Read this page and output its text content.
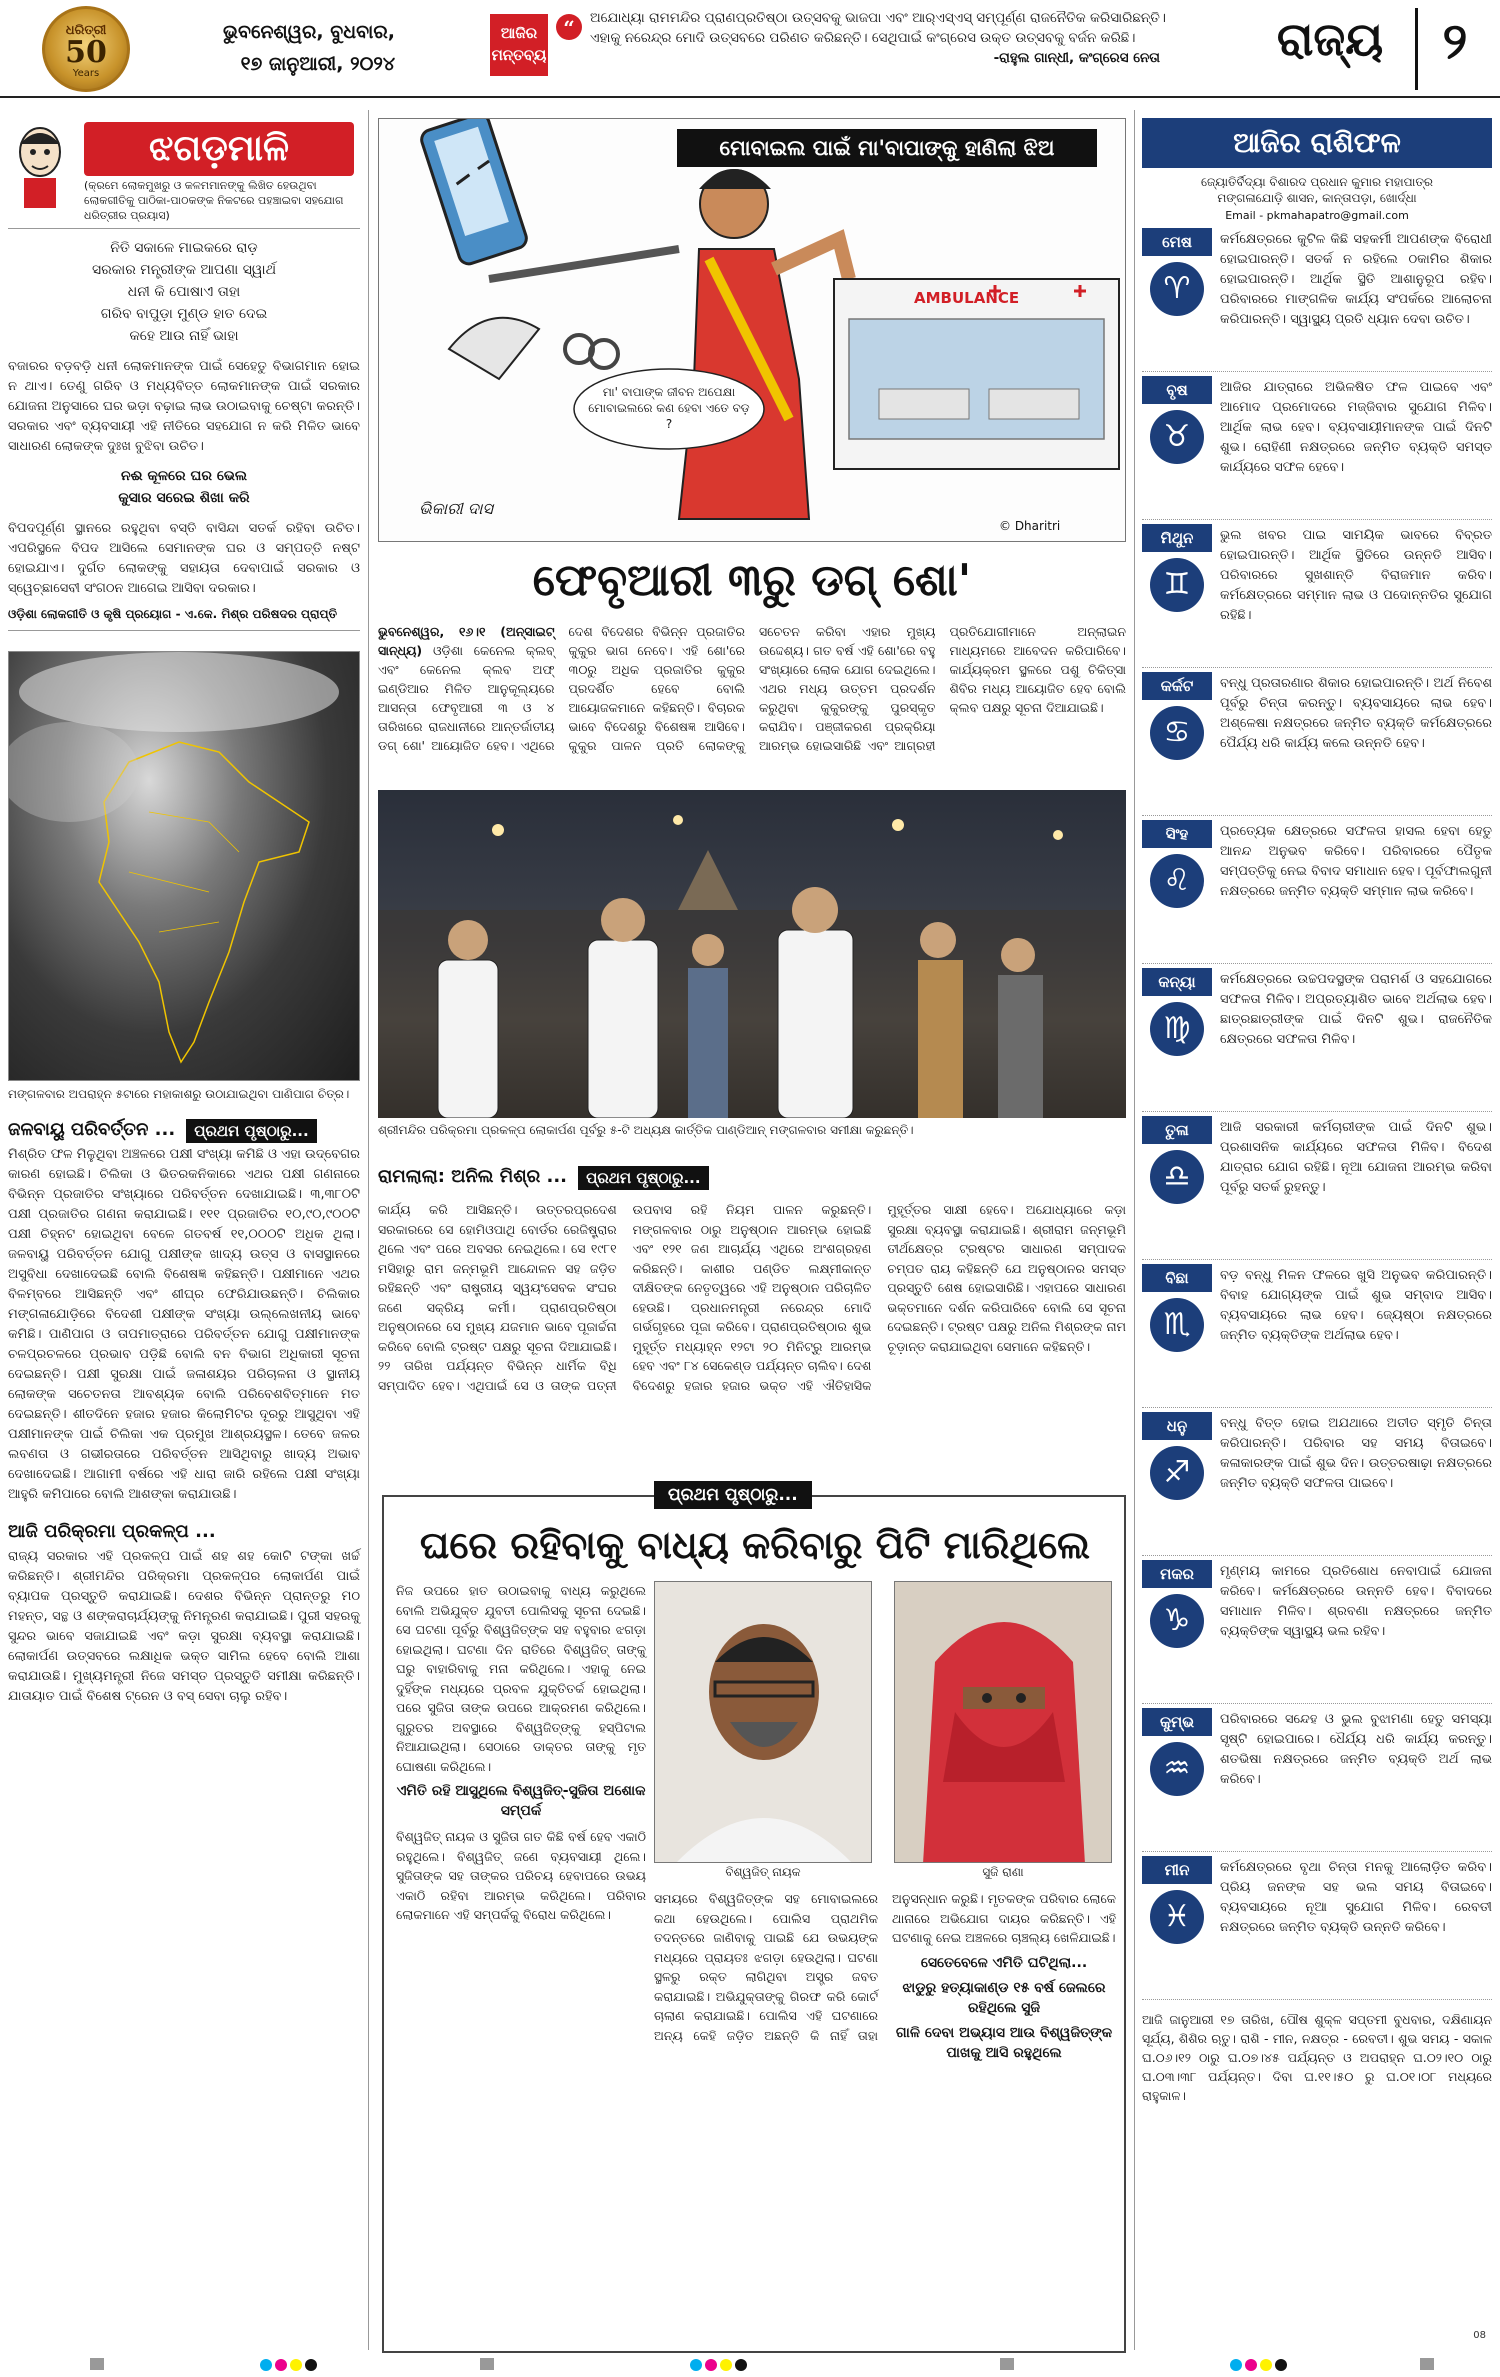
ଧରିତ୍ରୀ
50
Years
ଭୁବନେଶ୍ୱର, ବୁଧବାର,
୧୭ ଜାନୁଆରୀ, ୨୦୨୪
ଆଜିର ମନ୍ତବ୍ୟ
“	ଅଯୋଧ୍ୟା ରାମମନ୍ଦିର ପ୍ରାଣପ୍ରତିଷ୍ଠା ଉତ୍ସବକୁ ଭାଜପା ଏବଂ ଆର୍‌ଏସ୍‌ଏସ୍‌ ସମ୍ପୂର୍ଣ୍ଣ ରାଜନୈତିକ କରିସାରିଛନ୍ତି। ଏହାକୁ ନରେନ୍ଦ୍ର ମୋଦି ଉତ୍ସବରେ ପରିଣତ କରିଛନ୍ତି। ସେଥିପାଇଁ କଂଗ୍ରେସ ଉକ୍ତ ଉତ୍ସବକୁ ବର୍ଜନ କରିଛି।
-ରାହୁଲ ଗାନ୍ଧୀ, କଂଗ୍ରେସ ନେତା	ରାଜ୍ୟ	୨
ଝଗଡ଼ମାଳି
(କ୍ରମେ ଲୋକମୁଖରୁ ଓ କଳମମାନଙ୍କୁ ଲିଖିତ ହେଉଥିବା ଲୋକଗୀତିକୁ ପାଠିକା-ପାଠକଙ୍କ ନିକଟରେ ପହଞ୍ଚାଇବା ସହଯୋଗ ଧରିତ୍ରୀର ପ୍ରୟାସ)
ନିତି ସକାଳେ ମାଇକରେ ରାଡ଼
ସରକାର ମନ୍ତ୍ରୀଙ୍କ ଆପଣା ସ୍ୱାର୍ଥ
ଧନୀ କି ପୋଷାଏ ତାହା
ଗରିବ ବାପୁଡ଼ା ମୁଣ୍ଡ ହାତ ଦେଇ
କହେ ଆଉ ନାହିଁ ଭାହା

ବଜାରର ବଡ଼ବଡ଼ି ଧନୀ ଲୋକମାନଙ୍କ ପାଇଁ ସେହେତୁ ବିଭାଗମାନ ହୋଇ ନ ଥାଏ। ତେଣୁ ଗରିବ ଓ ମଧ୍ୟବିତ୍ତ ଲୋକମାନଙ୍କ ପାଇଁ ସରକାର ଯୋଜନା ଅନୁସାରେ ଘର ଭଡ଼ା ବଢ଼ାଇ ଲାଭ ଉଠାଇବାକୁ ଚେଷ୍ଟା କରନ୍ତି। ସରକାର ଏବଂ ବ୍ୟବସାୟୀ ଏହି ନୀତିରେ ସହଯୋଗ ନ କରି ମିଳିତ ଭାବେ ସାଧାରଣ ଲୋକଙ୍କ ଦୁଃଖ ବୁଝିବା ଉଚିତ।

ନଈ କୂଳରେ ଘର ଭେଲ
କୁସାର ସରେଇ ଶିଖା କରି

ବିପଦପୂର୍ଣ୍ଣ ସ୍ଥାନରେ ରହୁଥିବା ବସ୍ତି ବାସିନ୍ଦା ସତର୍କ ରହିବା ଉଚିତ। ଏପରିସ୍ଥଳେ ବିପଦ ଆସିଲେ ସେମାନଙ୍କ ଘର ଓ ସମ୍ପତ୍ତି ନଷ୍ଟ ହୋଇଯାଏ। ଦୁର୍ଗତ ଲୋକଙ୍କୁ ସହାୟତା ଦେବାପାଇଁ ସରକାର ଓ ସ୍ୱେଚ୍ଛାସେବୀ ସଂଗଠନ ଆଗେଇ ଆସିବା ଦରକାର।

ଓଡ଼ିଶା ଲୋକଗୀତି ଓ କୃଷି ପ୍ରୟୋଗ - ଏ.କେ. ମିଶ୍ର ପରିଷଦର ପ୍ରାପ୍ତି
ମଙ୍ଗଳବାର ଅପରାହ୍ନ ୫ଟାରେ ମହାକାଶରୁ ଉଠାଯାଇଥିବା ପାଣିପାଗ ଚିତ୍ର।
ଜଳବାୟୁ ପରିବର୍ତ୍ତନ ... ପ୍ରଥମ ପୃଷ୍ଠାରୁ...

ମିଶ୍ରିତ ଫଳ ମିଳୁଥିବା ଅଞ୍ଚଳରେ ପକ୍ଷୀ ସଂଖ୍ୟା କମିଛି ଓ ଏହା ଉଦ୍‌ବେଗର କାରଣ ହୋଇଛି। ଚିଲିକା ଓ ଭିତରକନିକାରେ ଏଥର ପକ୍ଷୀ ଗଣନାରେ ବିଭିନ୍ନ ପ୍ରଜାତିର ସଂଖ୍ୟାରେ ପରିବର୍ତ୍ତନ ଦେଖାଯାଇଛି। ୩,୩୮୦ଟି ପକ୍ଷୀ ପ୍ରଜାତିର ଗଣନା କରାଯାଇଛି। ୧୧୧ ପ୍ରଜାତିର ୧୦,୯୦,୯୦୦ଟି ପକ୍ଷୀ ଚିହ୍ନଟ ହୋଇଥିବା ବେଳେ ଗତବର୍ଷ ୧୧,୦୦୦ଟି ଅଧିକ ଥିଲା। ଜଳବାୟୁ ପରିବର୍ତ୍ତନ ଯୋଗୁ ପକ୍ଷୀଙ୍କ ଖାଦ୍ୟ ଉତ୍ସ ଓ ବାସସ୍ଥାନରେ ଅସୁବିଧା ଦେଖାଦେଇଛି ବୋଲି ବିଶେଷଜ୍ଞ କହିଛନ୍ତି। ପକ୍ଷୀମାନେ ଏଥର ବିଳମ୍ବରେ ଆସିଛନ୍ତି ଏବଂ ଶୀଘ୍ର ଫେରିଯାଉଛନ୍ତି। ଚିଲିକାର ମଙ୍ଗଳାଯୋଡ଼ିରେ ବିଦେଶୀ ପକ୍ଷୀଙ୍କ ସଂଖ୍ୟା ଉଲ୍ଲେଖନୀୟ ଭାବେ କମିଛି। ପାଣିପାଗ ଓ ତାପମାତ୍ରାରେ ପରିବର୍ତ୍ତନ ଯୋଗୁ ପକ୍ଷୀମାନଙ୍କ ଚଳପ୍ରଚଳରେ ପ୍ରଭାବ ପଡ଼ିଛି ବୋଲି ବନ ବିଭାଗ ଅଧିକାରୀ ସୂଚନା ଦେଇଛନ୍ତି। ପକ୍ଷୀ ସୁରକ୍ଷା ପାଇଁ ଜଳାଶୟର ପରିଚାଳନା ଓ ସ୍ଥାନୀୟ ଲୋକଙ୍କ ସଚେତନତା ଆବଶ୍ୟକ ବୋଲି ପରିବେଶବିତ୍‌ମାନେ ମତ ଦେଇଛନ୍ତି। ଶୀତଦିନେ ହଜାର ହଜାର କିଲୋମିଟର ଦୂରରୁ ଆସୁଥିବା ଏହି ପକ୍ଷୀମାନଙ୍କ ପାଇଁ ଚିଲିକା ଏକ ପ୍ରମୁଖ ଆଶ୍ରୟସ୍ଥଳ। ତେବେ ଜଳର ଲବଣତା ଓ ଗଭୀରତାରେ ପରିବର୍ତ୍ତନ ଆସିଥିବାରୁ ଖାଦ୍ୟ ଅଭାବ ଦେଖାଦେଇଛି। ଆଗାମୀ ବର୍ଷରେ ଏହି ଧାରା ଜାରି ରହିଲେ ପକ୍ଷୀ ସଂଖ୍ୟା ଆହୁରି କମିପାରେ ବୋଲି ଆଶଙ୍କା କରାଯାଉଛି।

ଆଜି ପରିକ୍ରମା ପ୍ରକଳ୍ପ ...

ରାଜ୍ୟ ସରକାର ଏହି ପ୍ରକଳ୍ପ ପାଇଁ ଶହ ଶହ କୋଟି ଟଙ୍କା ଖର୍ଚ୍ଚ କରିଛନ୍ତି। ଶ୍ରୀମନ୍ଦିର ପରିକ୍ରମା ପ୍ରକଳ୍ପର ଲୋକାର୍ପଣ ପାଇଁ ବ୍ୟାପକ ପ୍ରସ୍ତୁତି କରାଯାଇଛି। ଦେଶର ବିଭିନ୍ନ ପ୍ରାନ୍ତରୁ ମଠ ମହନ୍ତ, ସନ୍ଥ ଓ ଶଙ୍କରାଚାର୍ଯ୍ୟଙ୍କୁ ନିମନ୍ତ୍ରଣ କରାଯାଇଛି। ପୁରୀ ସହରକୁ ସୁନ୍ଦର ଭାବେ ସଜାଯାଇଛି ଏବଂ କଡ଼ା ସୁରକ୍ଷା ବ୍ୟବସ୍ଥା କରାଯାଇଛି। ଲୋକାର୍ପଣ ଉତ୍ସବରେ ଲକ୍ଷାଧିକ ଭକ୍ତ ସାମିଲ ହେବେ ବୋଲି ଆଶା କରାଯାଉଛି। ମୁଖ୍ୟମନ୍ତ୍ରୀ ନିଜେ ସମସ୍ତ ପ୍ରସ୍ତୁତି ସମୀକ୍ଷା କରିଛନ୍ତି। ଯାତାୟାତ ପାଇଁ ବିଶେଷ ଟ୍ରେନ ଓ ବସ୍‌ ସେବା ଚାଲୁ ରହିବ।

ମୋବାଇଲ ପାଇଁ ମା'ବାପାଙ୍କୁ ହାଣିଲା ଝିଅ
ମା' ବାପାଙ୍କ ଜୀବନ ଅପେକ୍ଷା ମୋବାଇଲରେ କଣ ହେବା ଏତେ ବଡ଼ ?
AMBULANCE
ଭିକାରୀ ଦାସ
© Dharitri
ଫେବୃଆରୀ ୩ରୁ ଡଗ୍‌ ଶୋ'
ଭୁବନେଶ୍ୱର, ୧୬।୧ (ଅନ୍‌ସାଇଟ୍‌ ସାନ୍ଧ୍ୟ) ଓଡ଼ିଶା କେନେଲ କ୍ଲବ୍‌ ଏବଂ କେନେଲ କ୍ଲବ ଅଫ୍‌ ଇଣ୍ଡିଆର ମିଳିତ ଆନୁକୂଲ୍ୟରେ ଆସନ୍ତା ଫେବୃଆରୀ ୩ ଓ ୪ ତାରିଖରେ ରାଜଧାନୀରେ ଆନ୍ତର୍ଜାତୀୟ ଡଗ୍‌ ଶୋ' ଆୟୋଜିତ ହେବ। ଏଥିରେ ଦେଶ ବିଦେଶର ବିଭିନ୍ନ ପ୍ରଜାତିର କୁକୁର ଭାଗ ନେବେ। ଏହି ଶୋ'ରେ ୩୦ରୁ ଅଧିକ ପ୍ରଜାତିର କୁକୁର ପ୍ରଦର୍ଶିତ ହେବେ ବୋଲି ଆୟୋଜକମାନେ କହିଛନ୍ତି। ବିଚାରକ ଭାବେ ବିଦେଶରୁ ବିଶେଷଜ୍ଞ ଆସିବେ। କୁକୁର ପାଳନ ପ୍ରତି ଲୋକଙ୍କୁ ସଚେତନ କରିବା ଏହାର ମୁଖ୍ୟ ଉଦ୍ଦେଶ୍ୟ। ଗତ ବର୍ଷ ଏହି ଶୋ'ରେ ବହୁ ସଂଖ୍ୟାରେ ଲୋକ ଯୋଗ ଦେଇଥିଲେ। ଏଥର ମଧ୍ୟ ଉତ୍ତମ ପ୍ରଦର୍ଶନ କରୁଥିବା କୁକୁରଙ୍କୁ ପୁରସ୍କୃତ କରାଯିବ। ପଞ୍ଜୀକରଣ ପ୍ରକ୍ରିୟା ଆରମ୍ଭ ହୋଇସାରିଛି ଏବଂ ଆଗ୍ରହୀ ପ୍ରତିଯୋଗୀମାନେ ଅନ୍‌ଲାଇନ ମାଧ୍ୟମରେ ଆବେଦନ କରିପାରିବେ। କାର୍ଯ୍ୟକ୍ରମ ସ୍ଥଳରେ ପଶୁ ଚିକିତ୍ସା ଶିବିର ମଧ୍ୟ ଆୟୋଜିତ ହେବ ବୋଲି କ୍ଲବ ପକ୍ଷରୁ ସୂଚନା ଦିଆଯାଇଛି।
ଶ୍ରୀମନ୍ଦିର ପରିକ୍ରମା ପ୍ରକଳ୍ପ ଲୋକାର୍ପଣ ପୂର୍ବରୁ ୫-ଟି ଅଧ୍ୟକ୍ଷ କାର୍ତ୍ତିକ ପାଣ୍ଡିଆନ୍‌ ମଙ୍ଗଳବାର ସମୀକ୍ଷା କରୁଛନ୍ତି।
ରାମଲାଲା: ଅନିଲ ମିଶ୍ର ... ପ୍ରଥମ ପୃଷ୍ଠାରୁ...
କାର୍ଯ୍ୟ କରି ଆସିଛନ୍ତି। ଉତ୍ତରପ୍ରଦେଶ ସରକାରରେ ସେ ହୋମିଓପାଥି ବୋର୍ଡର ରେଜିଷ୍ଟ୍ରାର ଥିଲେ ଏବଂ ପରେ ଅବସର ନେଇଥିଲେ। ସେ ୧୯୮୧ ମସିହାରୁ ରାମ ଜନ୍ମଭୂମି ଆନ୍ଦୋଳନ ସହ ଜଡ଼ିତ ରହିଛନ୍ତି ଏବଂ ରାଷ୍ଟ୍ରୀୟ ସ୍ୱୟଂସେବକ ସଂଘର ଜଣେ ସକ୍ରିୟ କର୍ମୀ। ପ୍ରାଣପ୍ରତିଷ୍ଠା ଅନୁଷ୍ଠାନରେ ସେ ମୁଖ୍ୟ ଯଜମାନ ଭାବେ ପୂଜାର୍ଚ୍ଚନା କରିବେ ବୋଲି ଟ୍ରଷ୍ଟ ପକ୍ଷରୁ ସୂଚନା ଦିଆଯାଇଛି। ୨୨ ତାରିଖ ପର୍ଯ୍ୟନ୍ତ ବିଭିନ୍ନ ଧାର୍ମିକ ବିଧି ସମ୍ପାଦିତ ହେବ। ଏଥିପାଇଁ ସେ ଓ ତାଙ୍କ ପତ୍ନୀ ଉପବାସ ରହି ନିୟମ ପାଳନ କରୁଛନ୍ତି। ମଙ୍ଗଳବାର ଠାରୁ ଅନୁଷ୍ଠାନ ଆରମ୍ଭ ହୋଇଛି ଏବଂ ୧୨୧ ଜଣ ଆଚାର୍ଯ୍ୟ ଏଥିରେ ଅଂଶଗ୍ରହଣ କରିଛନ୍ତି। କାଶୀର ପଣ୍ଡିତ ଲକ୍ଷ୍ମୀକାନ୍ତ ଦୀକ୍ଷିତଙ୍କ ନେତୃତ୍ୱରେ ଏହି ଅନୁଷ୍ଠାନ ପରିଚାଳିତ ହେଉଛି। ପ୍ରଧାନମନ୍ତ୍ରୀ ନରେନ୍ଦ୍ର ମୋଦି ଗର୍ଭଗୃହରେ ପୂଜା କରିବେ। ପ୍ରାଣପ୍ରତିଷ୍ଠାର ଶୁଭ ମୁହୂର୍ତ୍ତ ମଧ୍ୟାହ୍ନ ୧୨ଟା ୨୦ ମିନିଟ୍‌ରୁ ଆରମ୍ଭ ହେବ ଏବଂ ୮୪ ସେକେଣ୍ଡ ପର୍ଯ୍ୟନ୍ତ ଚାଲିବ। ଦେଶ ବିଦେଶରୁ ହଜାର ହଜାର ଭକ୍ତ ଏହି ଐତିହାସିକ ମୁହୂର୍ତ୍ତର ସାକ୍ଷୀ ହେବେ। ଅଯୋଧ୍ୟାରେ କଡ଼ା ସୁରକ୍ଷା ବ୍ୟବସ୍ଥା କରାଯାଇଛି। ଶ୍ରୀରାମ ଜନ୍ମଭୂମି ତୀର୍ଥକ୍ଷେତ୍ର ଟ୍ରଷ୍ଟର ସାଧାରଣ ସମ୍ପାଦକ ଚମ୍ପତ ରାୟ କହିଛନ୍ତି ଯେ ଅନୁଷ୍ଠାନର ସମସ୍ତ ପ୍ରସ୍ତୁତି ଶେଷ ହୋଇସାରିଛି। ଏହାପରେ ସାଧାରଣ ଭକ୍ତମାନେ ଦର୍ଶନ କରିପାରିବେ ବୋଲି ସେ ସୂଚନା ଦେଇଛନ୍ତି। ଟ୍ରଷ୍ଟ ପକ୍ଷରୁ ଅନିଲ ମିଶ୍ରଙ୍କ ନାମ ଚୂଡ଼ାନ୍ତ କରାଯାଇଥିବା ସେମାନେ କହିଛନ୍ତି।
ପ୍ରଥମ ପୃଷ୍ଠାରୁ...
ଘରେ ରହିବାକୁ ବାଧ୍ୟ କରିବାରୁ ପିଟି ମାରିଥିଲେ

ନିଜ ଉପରେ ହାତ ଉଠାଇବାକୁ ବାଧ୍ୟ କରୁଥିଲେ ବୋଲି ଅଭିଯୁକ୍ତ ଯୁବତୀ ପୋଲିସକୁ ସୂଚନା ଦେଇଛି। ସେ ଘଟଣା ପୂର୍ବରୁ ବିଶ୍ୱଜିତ୍‌ଙ୍କ ସହ ବହୁବାର ଝଗଡ଼ା ହୋଇଥିଲା। ଘଟଣା ଦିନ ରାତିରେ ବିଶ୍ୱଜିତ୍‌ ତାଙ୍କୁ ଘରୁ ବାହାରିବାକୁ ମନା କରିଥିଲେ। ଏହାକୁ ନେଇ ଦୁହିଁଙ୍କ ମଧ୍ୟରେ ପ୍ରବଳ ଯୁକ୍ତିତର୍କ ହୋଇଥିଲା। ପରେ ସୁଜିତା ତାଙ୍କ ଉପରେ ଆକ୍ରମଣ କରିଥିଲେ। ଗୁରୁତର ଅବସ୍ଥାରେ ବିଶ୍ୱଜିତ୍‌ଙ୍କୁ ହସ୍ପିଟାଲ ନିଆଯାଇଥିଲା। ସେଠାରେ ଡାକ୍ତର ତାଙ୍କୁ ମୃତ ଘୋଷଣା କରିଥିଲେ।

ଏମିତି ରହି ଆସୁଥିଲେ ବିଶ୍ୱଜିତ୍‌-ସୁଜିତା ଅଶୋକ ସମ୍ପର୍କ

ବିଶ୍ୱଜିତ୍‌ ନାୟକ ଓ ସୁଜିତା ଗତ କିଛି ବର୍ଷ ହେବ ଏକାଠି ରହୁଥିଲେ। ବିଶ୍ୱଜିତ୍‌ ଜଣେ ବ୍ୟବସାୟୀ ଥିଲେ। ସୁଜିତାଙ୍କ ସହ ତାଙ୍କର ପରିଚୟ ହେବାପରେ ଉଭୟ ଏକାଠି ରହିବା ଆରମ୍ଭ କରିଥିଲେ। ପରିବାର ଲୋକମାନେ ଏହି ସମ୍ପର୍କକୁ ବିରୋଧ କରିଥିଲେ।

ବିଶ୍ୱଜିତ୍‌ ନାୟକ	ସୁଜି ରାଣା

ସମୟରେ ବିଶ୍ୱଜିତ୍‌ଙ୍କ ସହ ମୋବାଇଲରେ କଥା ହେଉଥିଲେ। ପୋଲିସ ପ୍ରାଥମିକ ତଦନ୍ତରେ ଜାଣିବାକୁ ପାଇଛି ଯେ ଉଭୟଙ୍କ ମଧ୍ୟରେ ପ୍ରାୟତଃ ଝଗଡ଼ା ହେଉଥିଲା। ଘଟଣା ସ୍ଥଳରୁ ରକ୍ତ ଲାଗିଥିବା ଅସ୍ତ୍ର ଜବତ କରାଯାଇଛି। ଅଭିଯୁକ୍ତାଙ୍କୁ ଗିରଫ କରି କୋର୍ଟ ଚାଲାଣ କରାଯାଇଛି। ପୋଲିସ ଏହି ଘଟଣାରେ ଅନ୍ୟ କେହି ଜଡ଼ିତ ଅଛନ୍ତି କି ନାହିଁ ତାହା ଅନୁସନ୍ଧାନ କରୁଛି। ମୃତକଙ୍କ ପରିବାର ଲୋକେ ଥାନାରେ ଅଭିଯୋଗ ଦାୟର କରିଛନ୍ତି। ଏହି ଘଟଣାକୁ ନେଇ ଅଞ୍ଚଳରେ ଚାଞ୍ଚଲ୍ୟ ଖେଳିଯାଇଛି।

ସେତେବେଳେ ଏମିତି ଘଟିଥିଲା...
ଝାଡୁରୁ ହତ୍ୟାକାଣ୍ଡ ୧୫ ବର୍ଷ ଜେଲରେ ରହିଥିଲେ ସୁଜି
ଗାଳି ଦେବା ଅଭ୍ୟାସ ଆଉ ବିଶ୍ୱଜିତ୍‌ଙ୍କ ପାଖକୁ ଆସି ରହୁଥିଲେ
ଆଜିର ରାଶିଫଳ
ଜ୍ୟୋତିର୍ବିଦ୍ୟା ବିଶାରଦ ପ୍ରଧାନ କୁମାର ମହାପାତ୍ର
ମଙ୍ଗଳାଯୋଡ଼ି ଶାସନ, କାନ୍ତାପଡ଼ା, ଖୋର୍ଦ୍ଧା
Email - pkmahapatro@gmail.com
ମେଷ
♈
କର୍ମକ୍ଷେତ୍ରରେ କୁଟିଳ କିଛି ସହକର୍ମୀ ଆପଣଙ୍କ ବିରୋଧୀ ହୋଇପାରନ୍ତି। ସତର୍କ ନ ରହିଲେ ଠକାମିର ଶିକାର ହୋଇପାରନ୍ତି। ଆର୍ଥିକ ସ୍ଥିତି ଆଶାନୁରୂପ ରହିବ। ପରିବାରରେ ମାଙ୍ଗଳିକ କାର୍ଯ୍ୟ ସଂପର୍କରେ ଆଲୋଚନା କରିପାରନ୍ତି। ସ୍ୱାସ୍ଥ୍ୟ ପ୍ରତି ଧ୍ୟାନ ଦେବା ଉଚିତ।
ବୃଷ
♉
ଆଜିର ଯାତ୍ରାରେ ଅଭିଳଷିତ ଫଳ ପାଇବେ ଏବଂ ଆମୋଦ ପ୍ରମୋଦରେ ମଜ୍ଜିବାର ସୁଯୋଗ ମିଳିବ। ଆର୍ଥିକ ଲାଭ ହେବ। ବ୍ୟବସାୟୀମାନଙ୍କ ପାଇଁ ଦିନଟି ଶୁଭ। ରୋହିଣୀ ନକ୍ଷତ୍ରରେ ଜନ୍ମିତ ବ୍ୟକ୍ତି ସମସ୍ତ କାର୍ଯ୍ୟରେ ସଫଳ ହେବେ।
ମିଥୁନ
♊
ଭୁଲ ଖବର ପାଇ ସାମୟିକ ଭାବରେ ବିବ୍ରତ ହୋଇପାରନ୍ତି। ଆର୍ଥିକ ସ୍ଥିତିରେ ଉନ୍ନତି ଆସିବ। ପରିବାରରେ ସୁଖଶାନ୍ତି ବିରାଜମାନ କରିବ। କର୍ମକ୍ଷେତ୍ରରେ ସମ୍ମାନ ଲାଭ ଓ ପଦୋନ୍ନତିର ସୁଯୋଗ ରହିଛି।
କର୍କଟ
♋
ବନ୍ଧୁ ପ୍ରତାରଣାର ଶିକାର ହୋଇପାରନ୍ତି। ଅର୍ଥ ନିବେଶ ପୂର୍ବରୁ ଚିନ୍ତା କରନ୍ତୁ। ବ୍ୟବସାୟରେ ଲାଭ ହେବ। ଅଶ୍ଳେଷା ନକ୍ଷତ୍ରରେ ଜନ୍ମିତ ବ୍ୟକ୍ତି କର୍ମକ୍ଷେତ୍ରରେ ପୈର୍ଯ୍ୟ ଧରି କାର୍ଯ୍ୟ କଲେ ଉନ୍ନତି ହେବ।
ସିଂହ
♌
ପ୍ରତ୍ୟେକ କ୍ଷେତ୍ରରେ ସଫଳତା ହାସଲ ହେବା ହେତୁ ଆନନ୍ଦ ଅନୁଭବ କରିବେ। ପରିବାରରେ ପୈତୃକ ସମ୍ପତ୍ତିକୁ ନେଇ ବିବାଦ ସମାଧାନ ହେବ। ପୂର୍ବଫାଲଗୁନୀ ନକ୍ଷତ୍ରରେ ଜନ୍ମିତ ବ୍ୟକ୍ତି ସମ୍ମାନ ଲାଭ କରିବେ।
କନ୍ୟା
♍
କର୍ମକ୍ଷେତ୍ରରେ ଉଚ୍ଚପଦସ୍ଥଙ୍କ ପରାମର୍ଶ ଓ ସହଯୋଗରେ ସଫଳତା ମିଳିବ। ଅପ୍ରତ୍ୟାଶିତ ଭାବେ ଅର୍ଥଲାଭ ହେବ। ଛାତ୍ରଛାତ୍ରୀଙ୍କ ପାଇଁ ଦିନଟି ଶୁଭ। ରାଜନୈତିକ କ୍ଷେତ୍ରରେ ସଫଳତା ମିଳିବ।
ତୁଳା
♎
ଆଜି ସରକାରୀ କର୍ମଚାରୀଙ୍କ ପାଇଁ ଦିନଟି ଶୁଭ। ପ୍ରଶାସନିକ କାର୍ଯ୍ୟରେ ସଫଳତା ମିଳିବ। ବିଦେଶ ଯାତ୍ରାର ଯୋଗ ରହିଛି। ନୂଆ ଯୋଜନା ଆରମ୍ଭ କରିବା ପୂର୍ବରୁ ସତର୍କ ରୁହନ୍ତୁ।
ବିଛା
♏
ବଡ଼ ବନ୍ଧୁ ମିଳନ ଫଳରେ ଖୁସି ଅନୁଭବ କରିପାରନ୍ତି। ବିବାହ ଯୋଗ୍ୟଙ୍କ ପାଇଁ ଶୁଭ ସମ୍ବାଦ ଆସିବ। ବ୍ୟବସାୟରେ ଲାଭ ହେବ। ଜ୍ୟେଷ୍ଠା ନକ୍ଷତ୍ରରେ ଜନ୍ମିତ ବ୍ୟକ୍ତିଙ୍କ ଅର୍ଥଲାଭ ହେବ।
ଧନୁ
♐
ବନ୍ଧୁ ବିତ୍ତ ହୋଇ ଅଯଥାରେ ଅତୀତ ସ୍ମୃତି ଚିନ୍ତା କରିପାରନ୍ତି। ପରିବାର ସହ ସମୟ ବିତାଇବେ। କଳାକାରଙ୍କ ପାଇଁ ଶୁଭ ଦିନ। ଉତ୍ତରଷାଢ଼ା ନକ୍ଷତ୍ରରେ ଜନ୍ମିତ ବ୍ୟକ୍ତି ସଫଳତା ପାଇବେ।
ମକର
♑
ମୃଣ୍ମୟ କାମରେ ପ୍ରତିଶୋଧ ନେବାପାଇଁ ଯୋଜନା କରିବେ। କର୍ମକ୍ଷେତ୍ରରେ ଉନ୍ନତି ହେବ। ବିବାଦରେ ସମାଧାନ ମିଳିବ। ଶ୍ରବଣା ନକ୍ଷତ୍ରରେ ଜନ୍ମିତ ବ୍ୟକ୍ତିଙ୍କ ସ୍ୱାସ୍ଥ୍ୟ ଭଲ ରହିବ।
କୁମ୍ଭ
♒
ପରିବାରରେ ସନ୍ଦେହ ଓ ଭୁଲ ବୁଝାମଣା ହେତୁ ସମସ୍ୟା ସୃଷ୍ଟି ହୋଇପାରେ। ଧୈର୍ଯ୍ୟ ଧରି କାର୍ଯ୍ୟ କରନ୍ତୁ। ଶତଭିଷା ନକ୍ଷତ୍ରରେ ଜନ୍ମିତ ବ୍ୟକ୍ତି ଅର୍ଥ ଲାଭ କରିବେ।
ମୀନ
♓
କର୍ମକ୍ଷେତ୍ରରେ ବୃଥା ଚିନ୍ତା ମନକୁ ଆଲୋଡ଼ିତ କରିବ। ପ୍ରିୟ ଜନଙ୍କ ସହ ଭଲ ସମୟ ବିତାଇବେ। ବ୍ୟବସାୟରେ ନୂଆ ସୁଯୋଗ ମିଳିବ। ରେବତୀ ନକ୍ଷତ୍ରରେ ଜନ୍ମିତ ବ୍ୟକ୍ତି ଉନ୍ନତି କରିବେ।
ଆଜି ଜାନୁଆରୀ ୧୭ ତାରିଖ, ପୌଷ ଶୁକ୍ଳ ସପ୍ତମୀ ବୁଧବାର, ଦକ୍ଷିଣାୟନ ସୂର୍ଯ୍ୟ, ଶିଶିର ଋତୁ। ରାଶି - ମୀନ, ନକ୍ଷତ୍ର - ରେବତୀ। ଶୁଭ ସମୟ - ସକାଳ ଘ.୦୬।୧୨ ଠାରୁ ଘ.୦୭।୪୫ ପର୍ଯ୍ୟନ୍ତ ଓ ଅପରାହ୍ନ ଘ.୦୨।୧୦ ଠାରୁ ଘ.୦୩।୩୮ ପର୍ଯ୍ୟନ୍ତ। ଦିବା ଘ.୧୧।୫୦ ରୁ ଘ.୦୧।୦୮ ମଧ୍ୟରେ ରାହୁକାଳ।
08
